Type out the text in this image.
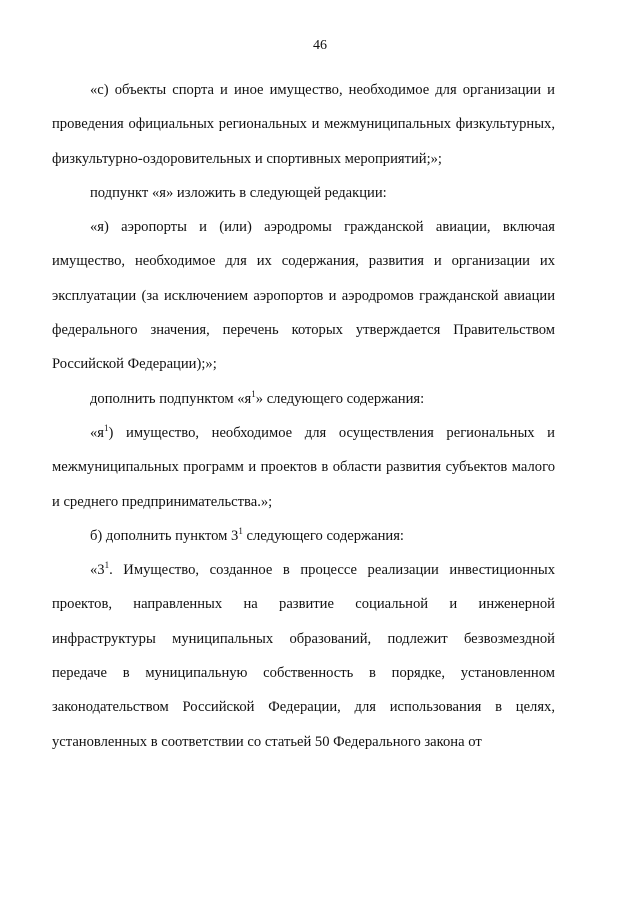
46

«с) объекты спорта и иное имущество, необходимое для организации и проведения официальных региональных и межмуниципальных физкультурных, физкультурно-оздоровительных и спортивных мероприятий;»;

подпункт «я» изложить в следующей редакции:

«я) аэропорты и (или) аэродромы гражданской авиации, включая имущество, необходимое для их содержания, развития и организации их эксплуатации (за исключением аэропортов и аэродромов гражданской авиации федерального значения, перечень которых утверждается Правительством Российской Федерации);»;

дополнить подпунктом «$я^1$» следующего содержания:

«$я^1$) имущество, необходимое для осуществления региональных и межмуниципальных программ и проектов в области развития субъектов малого и среднего предпринимательства.»;

б) дополнить пунктом $3^1$ следующего содержания:

«$3^1$. Имущество, созданное в процессе реализации инвестиционных проектов, направленных на развитие социальной и инженерной инфраструктуры муниципальных образований, подлежит безвозмездной передаче в муниципальную собственность в порядке, установленном законодательством Российской Федерации, для использования в целях, установленных в соответствии со статьей 50 Федерального закона от
